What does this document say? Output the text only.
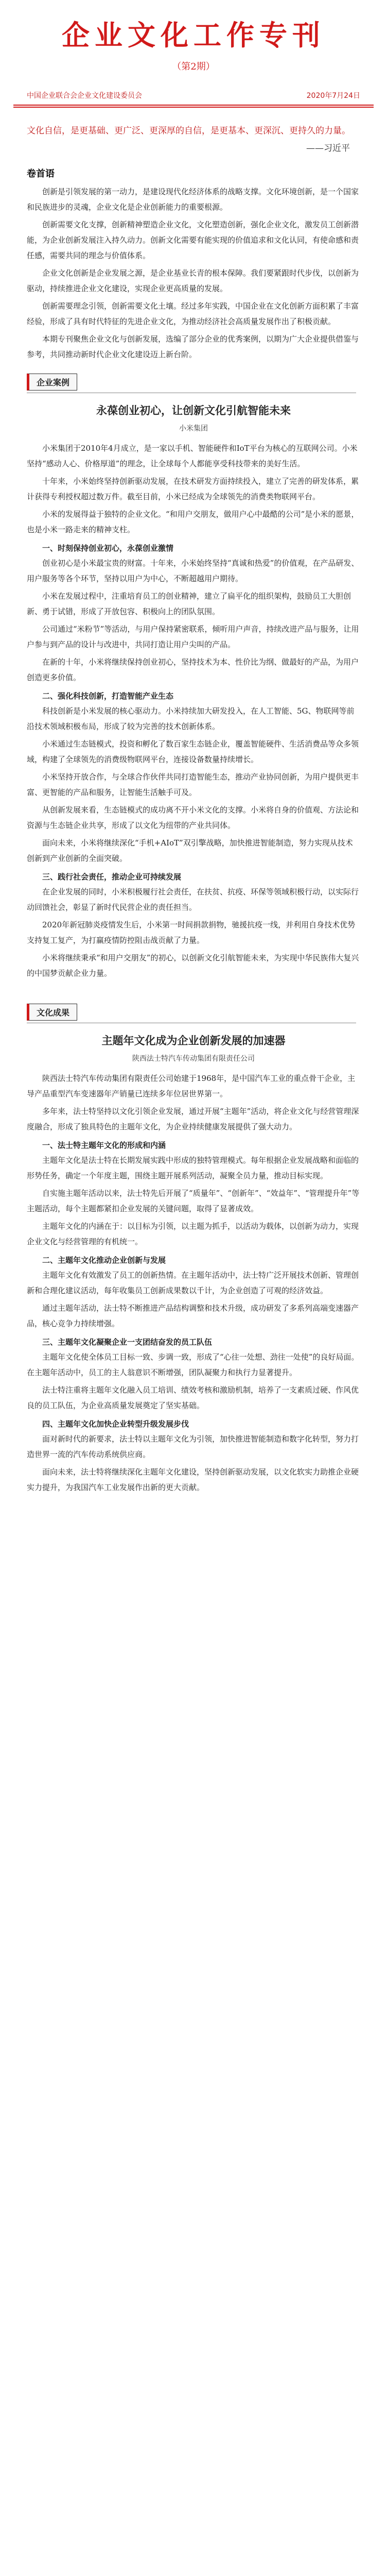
企业文化工作专刊
（第2期）
中国企业联合会企业文化建设委员会	2020年7月24日
文化自信，是更基础、更广泛、更深厚的自信，是更基本、更深沉、更持久的力量。
——习近平
卷首语

创新是引领发展的第一动力，是建设现代化经济体系的战略支撑。文化环境创新，是一个国家和民族进步的灵魂，企业文化是企业创新能力的重要根源。

创新需要文化支撑，创新精神塑造企业文化，文化塑造创新，强化企业文化，激发员工创新潜能，为企业创新发展注入持久动力。创新文化需要有能实现的价值追求和文化认同，有使命感和责任感，需要共同的理念与价值体系。

企业文化创新是企业发展之源，是企业基业长青的根本保障。我们要紧跟时代步伐，以创新为驱动，持续推进企业文化建设，实现企业更高质量的发展。

创新需要理念引领，创新需要文化土壤。经过多年实践，中国企业在文化创新方面积累了丰富经验，形成了具有时代特征的先进企业文化，为推动经济社会高质量发展作出了积极贡献。

本期专刊聚焦企业文化与创新发展，选编了部分企业的优秀案例，以期为广大企业提供借鉴与参考，共同推动新时代企业文化建设迈上新台阶。

企业案例
永葆创业初心，让创新文化引航智能未来
小米集团

小米集团于2010年4月成立，是一家以手机、智能硬件和IoT平台为核心的互联网公司。小米坚持“感动人心、价格厚道”的理念，让全球每个人都能享受科技带来的美好生活。

十年来，小米始终坚持创新驱动发展，在技术研发方面持续投入，建立了完善的研发体系，累计获得专利授权超过数万件。截至目前，小米已经成为全球领先的消费类物联网平台。

小米的发展得益于独特的企业文化。“和用户交朋友，做用户心中最酷的公司”是小米的愿景，也是小米一路走来的精神支柱。

一、时刻保持创业初心，永葆创业激情

创业初心是小米最宝贵的财富。十年来，小米始终坚持“真诚和热爱”的价值观，在产品研发、用户服务等各个环节，坚持以用户为中心，不断超越用户期待。

小米在发展过程中，注重培育员工的创业精神，建立了扁平化的组织架构，鼓励员工大胆创新、勇于试错，形成了开放包容、积极向上的团队氛围。

公司通过“米粉节”等活动，与用户保持紧密联系，倾听用户声音，持续改进产品与服务，让用户参与到产品的设计与改进中，共同打造让用户尖叫的产品。

在新的十年，小米将继续保持创业初心，坚持技术为本、性价比为纲、做最好的产品，为用户创造更多价值。

二、强化科技创新，打造智能产业生态

科技创新是小米发展的核心驱动力。小米持续加大研发投入，在人工智能、5G、物联网等前沿技术领域积极布局，形成了较为完善的技术创新体系。

小米通过生态链模式，投资和孵化了数百家生态链企业，覆盖智能硬件、生活消费品等众多领域，构建了全球领先的消费级物联网平台，连接设备数量持续增长。

小米坚持开放合作，与全球合作伙伴共同打造智能生态，推动产业协同创新，为用户提供更丰富、更智能的产品和服务，让智能生活触手可及。

从创新发展来看，生态链模式的成功离不开小米文化的支撑。小米将自身的价值观、方法论和资源与生态链企业共享，形成了以文化为纽带的产业共同体。

面向未来，小米将继续深化“手机+AIoT”双引擎战略，加快推进智能制造，努力实现从技术创新到产业创新的全面突破。

三、践行社会责任，推动企业可持续发展

在企业发展的同时，小米积极履行社会责任，在扶贫、抗疫、环保等领域积极行动，以实际行动回馈社会，彰显了新时代民营企业的责任担当。

2020年新冠肺炎疫情发生后，小米第一时间捐款捐物，驰援抗疫一线，并利用自身技术优势支持复工复产，为打赢疫情防控阻击战贡献了力量。

小米将继续秉承“和用户交朋友”的初心，以创新文化引航智能未来，为实现中华民族伟大复兴的中国梦贡献企业力量。

文化成果
主题年文化成为企业创新发展的加速器
陕西法士特汽车传动集团有限责任公司

陕西法士特汽车传动集团有限责任公司始建于1968年，是中国汽车工业的重点骨干企业，主导产品重型汽车变速器年产销量已连续多年位居世界第一。

多年来，法士特坚持以文化引领企业发展，通过开展“主题年”活动，将企业文化与经营管理深度融合，形成了独具特色的主题年文化，为企业持续健康发展提供了强大动力。

一、法士特主题年文化的形成和内涵

主题年文化是法士特在长期发展实践中形成的独特管理模式。每年根据企业发展战略和面临的形势任务，确定一个年度主题，围绕主题开展系列活动，凝聚全员力量，推动目标实现。

自实施主题年活动以来，法士特先后开展了“质量年”、“创新年”、“效益年”、“管理提升年”等主题活动，每个主题都紧扣企业发展的关键问题，取得了显著成效。

主题年文化的内涵在于：以目标为引领，以主题为抓手，以活动为载体，以创新为动力，实现企业文化与经营管理的有机统一。

二、主题年文化推动企业创新与发展

主题年文化有效激发了员工的创新热情。在主题年活动中，法士特广泛开展技术创新、管理创新和合理化建议活动，每年收集员工创新成果数以千计，为企业创造了可观的经济效益。

通过主题年活动，法士特不断推进产品结构调整和技术升级，成功研发了多系列高端变速器产品，核心竞争力持续增强。

三、主题年文化凝聚企业一支团结奋发的员工队伍

主题年文化使全体员工目标一致、步调一致，形成了“心往一处想、劲往一处使”的良好局面。在主题年活动中，员工的主人翁意识不断增强，团队凝聚力和执行力显著提升。

法士特注重将主题年文化融入员工培训、绩效考核和激励机制，培养了一支素质过硬、作风优良的员工队伍，为企业高质量发展奠定了坚实基础。

四、主题年文化加快企业转型升级发展步伐

面对新时代的新要求，法士特以主题年文化为引领，加快推进智能制造和数字化转型，努力打造世界一流的汽车传动系统供应商。

面向未来，法士特将继续深化主题年文化建设，坚持创新驱动发展，以文化软实力助推企业硬实力提升，为我国汽车工业发展作出新的更大贡献。
